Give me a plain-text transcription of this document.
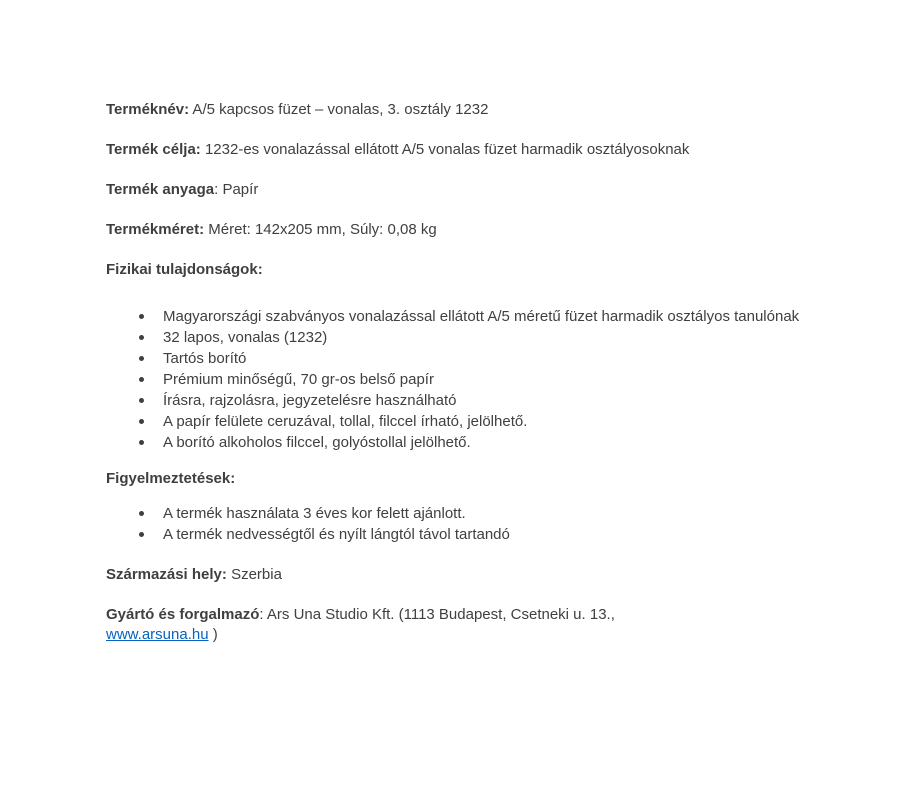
Terméknév: A/5 kapcsos füzet – vonalas, 3. osztály 1232

Termék célja: 1232-es vonalazással ellátott A/5 vonalas füzet harmadik osztályosoknak

Termék anyaga: Papír

Termékméret: Méret: 142x205 mm, Súly: 0,08 kg

Fizikai tulajdonságok:
Magyarországi szabványos vonalazással ellátott A/5 méretű füzet harmadik osztályos tanulónak
32 lapos, vonalas (1232)
Tartós borító
Prémium minőségű, 70 gr-os belső papír
Írásra, rajzolásra, jegyzetelésre használható
A papír felülete ceruzával, tollal, filccel írható, jelölhető.
A borító alkoholos filccel, golyóstollal jelölhető.
Figyelmeztetések:
A termék használata 3 éves kor felett ajánlott.
A termék nedvességtől és nyílt lángtól távol tartandó

Származási hely: Szerbia

Gyártó és forgalmazó: Ars Una Studio Kft. (1113 Budapest, Csetneki u. 13.,
www.arsuna.hu )
